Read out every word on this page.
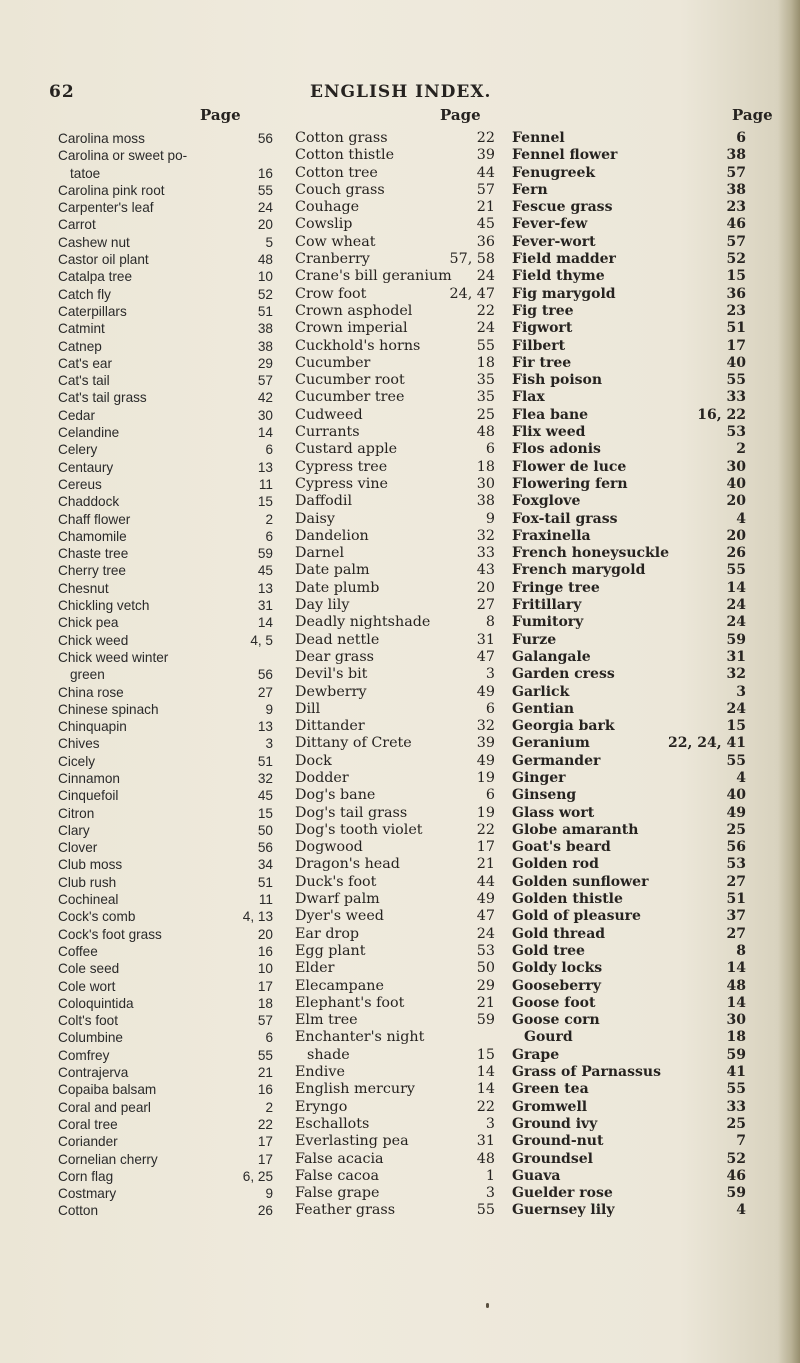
62	ENGLISH INDEX.
Page	Page	Page
Carolina moss	56
Carolina or sweet po-
tatoe	16
Carolina pink root	55
Carpenter's leaf	24
Carrot	20
Cashew nut	5
Castor oil plant	48
Catalpa tree	10
Catch fly	52
Caterpillars	51
Catmint	38
Catnep	38
Cat's ear	29
Cat's tail	57
Cat's tail grass	42
Cedar	30
Celandine	14
Celery	6
Centaury	13
Cereus	11
Chaddock	15
Chaff flower	2
Chamomile	6
Chaste tree	59
Cherry tree	45
Chesnut	13
Chickling vetch	31
Chick pea	14
Chick weed	4, 5
Chick weed winter
green	56
China rose	27
Chinese spinach	9
Chinquapin	13
Chives	3
Cicely	51
Cinnamon	32
Cinquefoil	45
Citron	15
Clary	50
Clover	56
Club moss	34
Club rush	51
Cochineal	11
Cock's comb	4, 13
Cock's foot grass	20
Coffee	16
Cole seed	10
Cole wort	17
Coloquintida	18
Colt's foot	57
Columbine	6
Comfrey	55
Contrajerva	21
Copaiba balsam	16
Coral and pearl	2
Coral tree	22
Coriander	17
Cornelian cherry	17
Corn flag	6, 25
Costmary	9
Cotton	26
Cotton grass	22
Cotton thistle	39
Cotton tree	44
Couch grass	57
Couhage	21
Cowslip	45
Cow wheat	36
Cranberry	57, 58
Crane's bill geranium 24
Crow foot	24, 47
Crown asphodel	22
Crown imperial	24
Cuckhold's horns	55
Cucumber	18
Cucumber root	35
Cucumber tree	35
Cudweed	25
Currants	48
Custard apple	6
Cypress tree	18
Cypress vine	30
Daffodil	38
Daisy	9
Dandelion	32
Darnel	33
Date palm	43
Date plumb	20
Day lily	27
Deadly nightshade	8
Dead nettle	31
Dear grass	47
Devil's bit	3
Dewberry	49
Dill	6
Dittander	32
Dittany of Crete	39
Dock	49
Dodder	19
Dog's bane	6
Dog's tail grass	19
Dog's tooth violet	22
Dogwood	17
Dragon's head	21
Duck's foot	44
Dwarf palm	49
Dyer's weed	47
Ear drop	24
Egg plant	53
Elder	50
Elecampane	29
Elephant's foot	21
Elm tree	59
Enchanter's night
shade	15
Endive	14
English mercury	14
Eryngo	22
Eschallots	3
Everlasting pea	31
False acacia	48
False cacoa	1
False grape	3
Feather grass	55
Fennel	6
Fennel flower	38
Fenugreek	57
Fern	38
Fescue grass	23
Fever-few	46
Fever-wort	57
Field madder	52
Field thyme	15
Fig marygold	36
Fig tree	23
Figwort	51
Filbert	17
Fir tree	40
Fish poison	55
Flax	33
Flea bane	16, 22
Flix weed	53
Flos adonis	2
Flower de luce	30
Flowering fern	40
Foxglove	20
Fox-tail grass	4
Fraxinella	20
French honeysuckle	26
French marygold	55
Fringe tree	14
Fritillary	24
Fumitory	24
Furze	59
Galangale	31
Garden cress	32
Garlick	3
Gentian	24
Georgia bark	15
Geranium	22, 24, 41
Germander	55
Ginger	4
Ginseng	40
Glass wort	49
Globe amaranth	25
Goat's beard	56
Golden rod	53
Golden sunflower	27
Golden thistle	51
Gold of pleasure	37
Gold thread	27
Gold tree	8
Goldy locks	14
Gooseberry	48
Goose foot	14
Goose corn	30
Gourd	18
Grape	59
Grass of Parnassus	41
Green tea	55
Gromwell	33
Ground ivy	25
Ground-nut	7
Groundsel	52
Guava	46
Guelder rose	59
Guernsey lily	4
